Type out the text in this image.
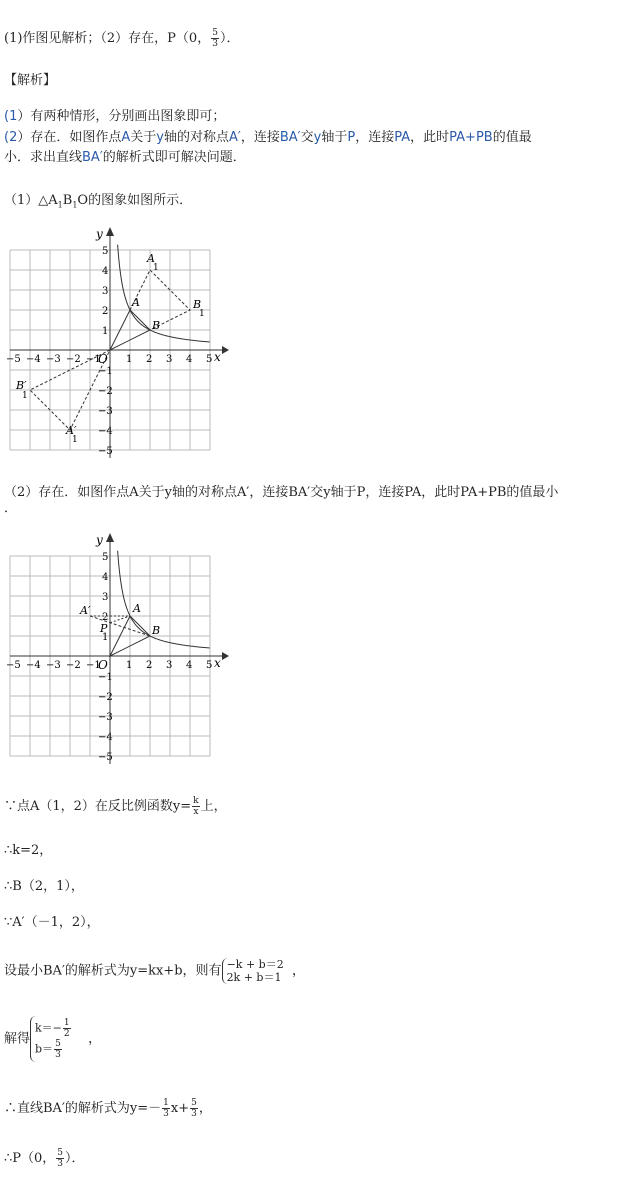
(1)作图见解析；（2）存在，P（0， $\frac{5}{3}$ ）．
【解析】
(1）有两种情形，分别画出图象即可；
(2）存在．如图作点A关于y轴的对称点A′，连接BA′交y轴于P，连接PA，此时PA+PB的值最
小．求出直线BA′的解析式即可解决问题．
$(1)\triangle A_1B_1O$的图象如图所示．
−5 −4 −3 −2 −1	1 2 3 4 5
5
4
3
2
1
−1
−2
−3
−4
−5
y
x
O
A
B
A
1
B
1
A′
1
B′
1
（2）存在．如图作点A关于y轴的对称点A′，连接BA′交y轴于P，连接PA，此时PA+PB的值最小
．
−5 −4 −3 −2 −1	1 2 3 4 5
5
4
3
2
1
−1
−2
−3
−4
−5
y
x
O
A
B
A′
P
∵点A（1，2）在反比例函数$y= \frac{k}{x}$ 上，
∴k=2，
∴B（2，1），
∵A′（－1，2），
设最小BA′的解析式为y=kx+b，则有 −k + b＝2
2k + b＝1 ，
解得
$k=- \frac{1}{2}$
$b= \frac{5}{3}$ ，
∴直线BA′的解析式为$y=- \frac{1}{3} x+ \frac{5}{3}$ ，
∴P（0， $\frac{5}{3}$ ）．
